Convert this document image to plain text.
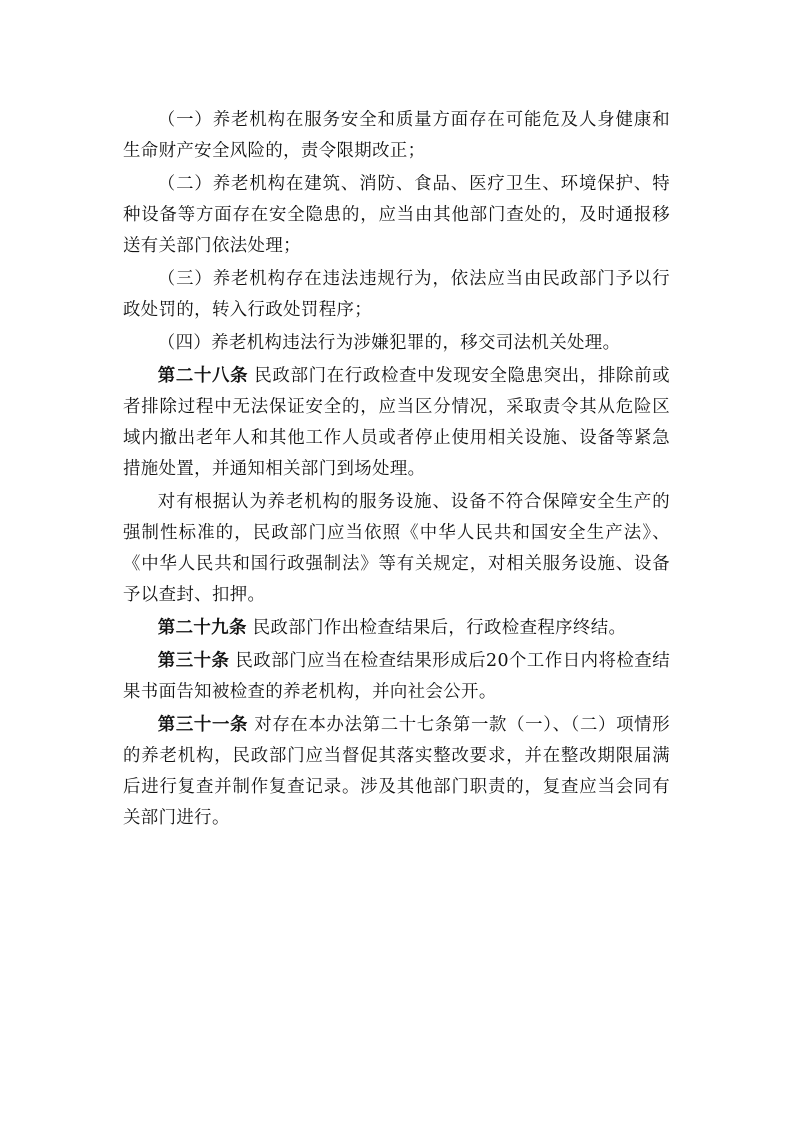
（一）养老机构在服务安全和质量方面存在可能危及人身健康和生命财产安全风险的，责令限期改正；

（二）养老机构在建筑、消防、食品、医疗卫生、环境保护、特种设备等方面存在安全隐患的，应当由其他部门查处的，及时通报移送有关部门依法处理；

（三）养老机构存在违法违规行为，依法应当由民政部门予以行政处罚的，转入行政处罚程序；

（四）养老机构违法行为涉嫌犯罪的，移交司法机关处理。

第二十八条 民政部门在行政检查中发现安全隐患突出，排除前或者排除过程中无法保证安全的，应当区分情况，采取责令其从危险区域内撤出老年人和其他工作人员或者停止使用相关设施、设备等紧急措施处置，并通知相关部门到场处理。

对有根据认为养老机构的服务设施、设备不符合保障安全生产的强制性标准的，民政部门应当依照《中华人民共和国安全生产法》、《中华人民共和国行政强制法》等有关规定，对相关服务设施、设备予以查封、扣押。

第二十九条 民政部门作出检查结果后，行政检查程序终结。

第三十条 民政部门应当在检查结果形成后20个工作日内将检查结果书面告知被检查的养老机构，并向社会公开。

第三十一条 对存在本办法第二十七条第一款（一）、（二）项情形的养老机构，民政部门应当督促其落实整改要求，并在整改期限届满后进行复查并制作复查记录。涉及其他部门职责的，复查应当会同有关部门进行。
